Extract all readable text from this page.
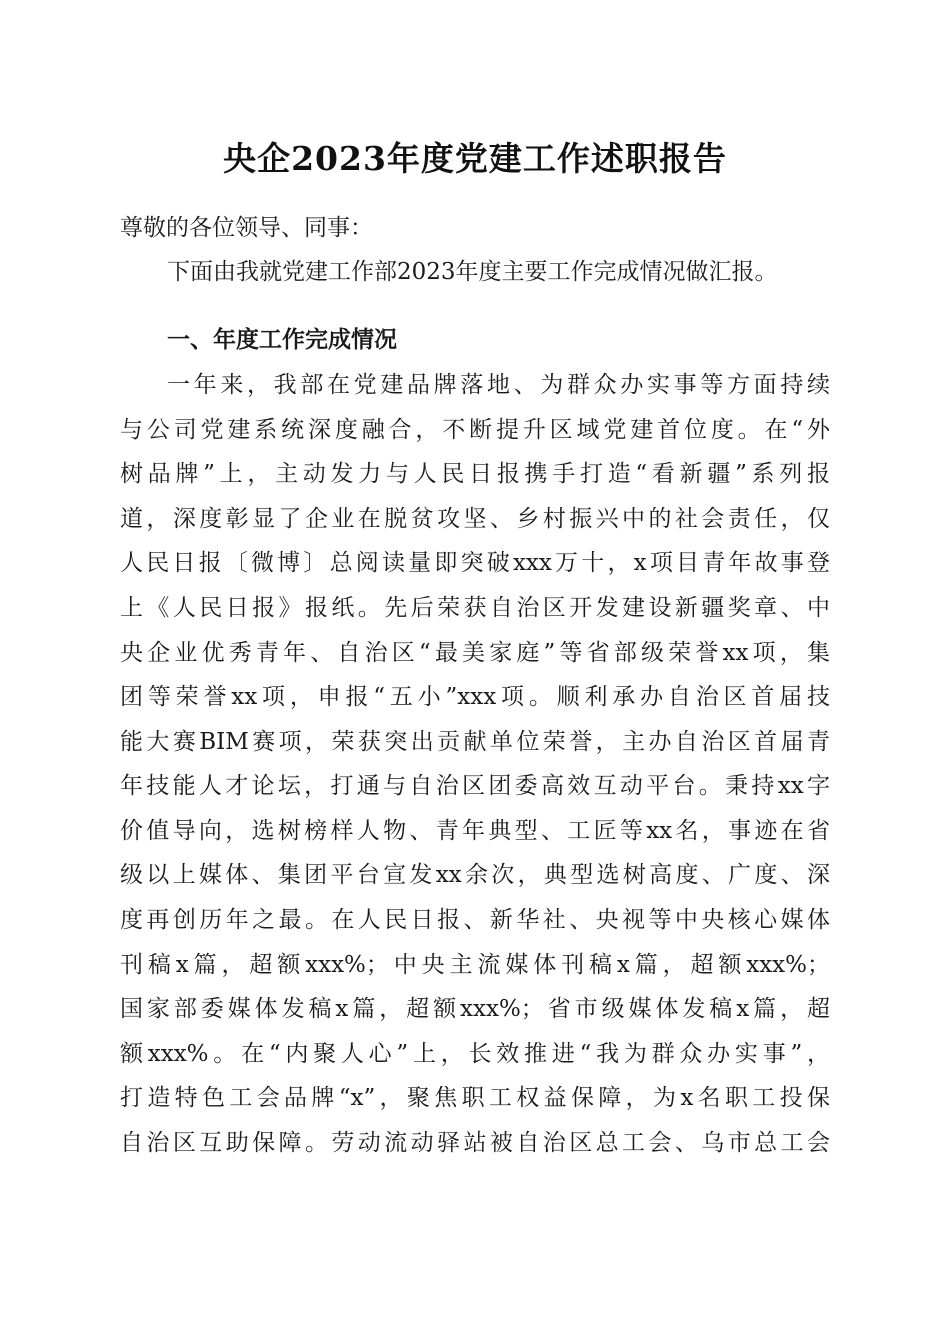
央企2023年度党建工作述职报告
尊敬的各位领导、同事：
下面由我就党建工作部2023年度主要工作完成情况做汇报。
一、年度工作完成情况
一年来，我部在党建品牌落地、为群众办实事等方面持续
与公司党建系统深度融合，不断提升区域党建首位度。在“外
树品牌”上，主动发力与人民日报携手打造“看新疆”系列报
道，深度彰显了企业在脱贫攻坚、乡村振兴中的社会责任，仅
人民日报〔微博〕总阅读量即突破xxx万十，x项目青年故事登
上《人民日报》报纸。先后荣获自治区开发建设新疆奖章、中
央企业优秀青年、自治区“最美家庭”等省部级荣誉xx项，集
团等荣誉xx项，申报“五小”xxx项。顺利承办自治区首届技
能大赛BIM赛项，荣获突出贡献单位荣誉，主办自治区首届青
年技能人才论坛，打通与自治区团委高效互动平台。秉持xx字
价值导向，选树榜样人物、青年典型、工匠等xx名，事迹在省
级以上媒体、集团平台宣发xx余次，典型选树高度、广度、深
度再创历年之最。在人民日报、新华社、央视等中央核心媒体
刊稿x篇，超额xxx%；中央主流媒体刊稿x篇，超额xxx%；
国家部委媒体发稿x篇，超额xxx%；省市级媒体发稿x篇，超
额xxx%。在“内聚人心”上，长效推进“我为群众办实事”，
打造特色工会品牌“x”，聚焦职工权益保障，为x名职工投保
自治区互助保障。劳动流动驿站被自治区总工会、乌市总工会
